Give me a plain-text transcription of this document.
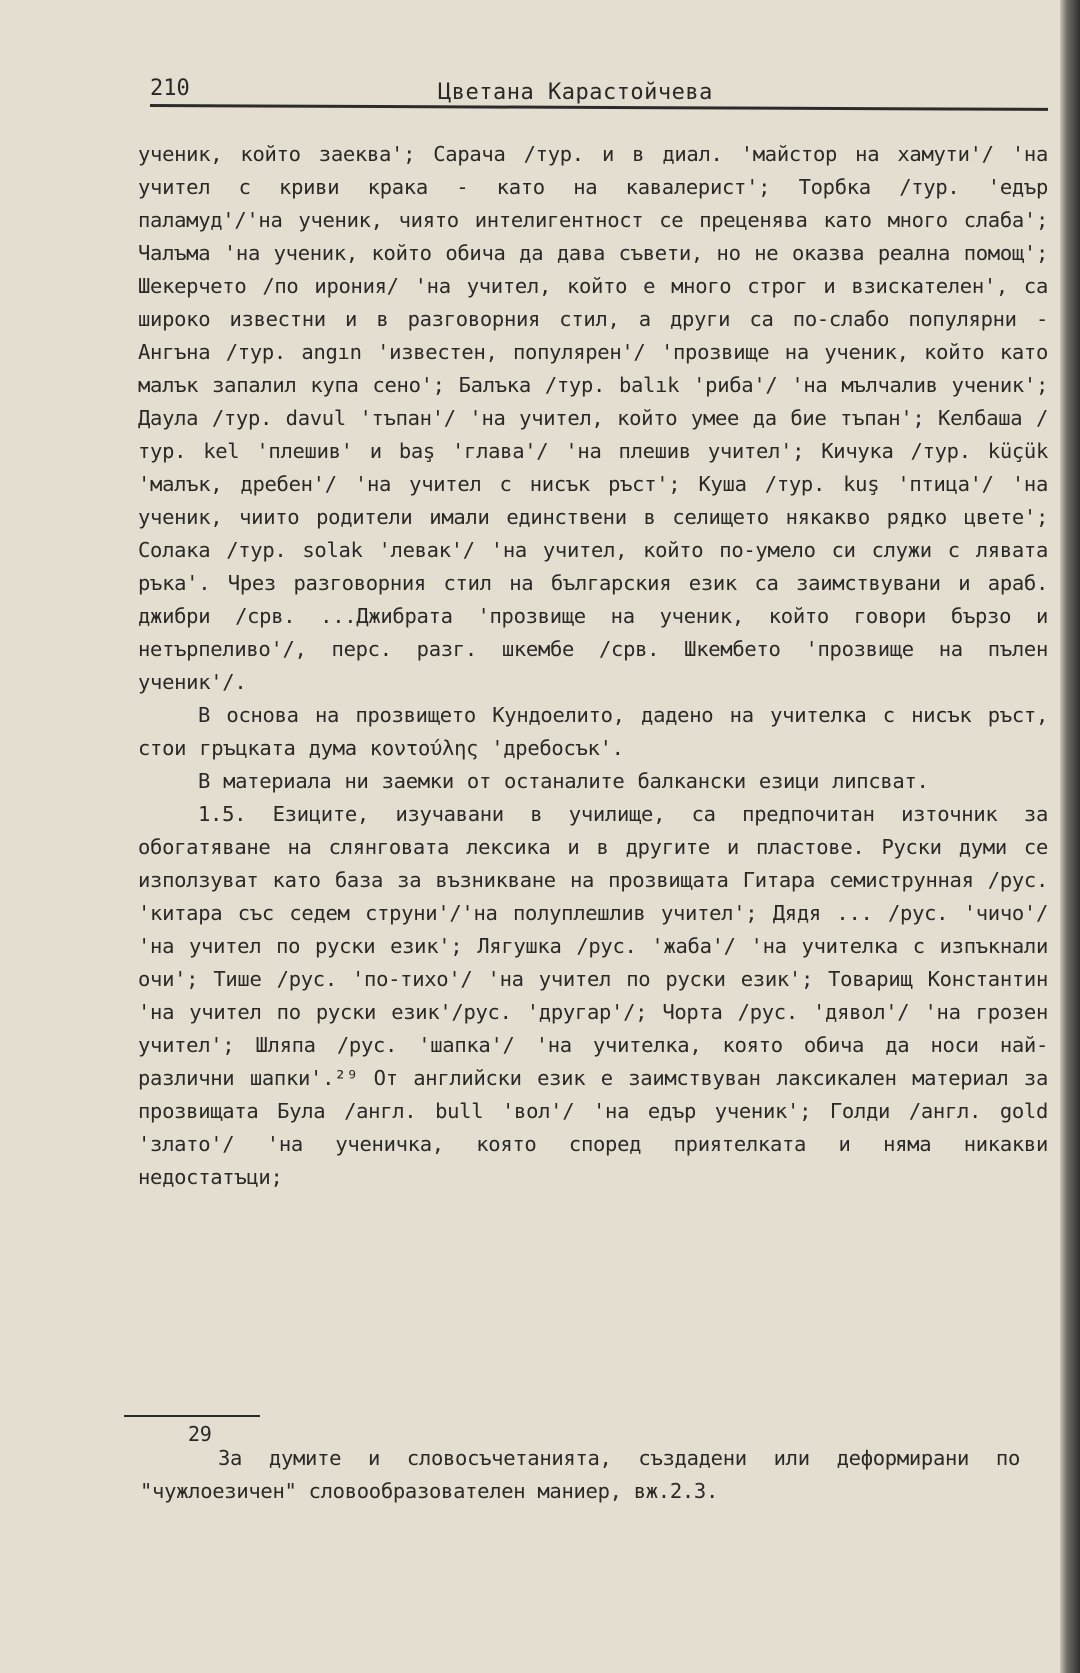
210	Цветана Карастойчева

ученик, който заеква'; Сарача /тур. и в диал. 'майстор на хамути'/ 'на учител с криви крака - като на кавалерист'; Торбка /тур. 'едър паламуд'/'на ученик, чиято интелигентност се преценява като много слаба'; Чалъма 'на ученик, който обича да дава съвети, но не оказва реална помощ'; Шекерчето /по ирония/ 'на учител, който е много строг и взискателен', са широко известни и в разговорния стил, а други са по-слабо популярни - Ангъна /тур. angın 'известен, популярен'/ 'прозвище на ученик, който като малък запалил купа сено'; Балъка /тур. balık 'риба'/ 'на мълчалив ученик'; Даула /тур. davul 'тъпан'/ 'на учител, който умее да бие тъпан'; Келбаша /тур. kel 'плешив' и baş 'глава'/ 'на плешив учител'; Кичука /тур. küçük 'малък, дребен'/ 'на учител с нисък ръст'; Куша /тур. kuş 'птица'/ 'на ученик, чиито родители имали единствени в селището някакво рядко цвете'; Солака /тур. solak 'левак'/ 'на учител, който по-умело си служи с лявата ръка'. Чрез разговорния стил на българския език са заимствувани и араб. джибри /срв. ...Джибрата 'прозвище на ученик, който говори бързо и нетърпеливо'/, перс. разг. шкембе /срв. Шкембето 'прозвище на пълен ученик'/.

В основа на прозвището Кундоелито, дадено на учителка с нисък ръст, стои гръцката дума κοντούλης 'дребосък'.

В материала ни заемки от останалите балкански езици липсват.

1.5. Езиците, изучавани в училище, са предпочитан източник за обогатяване на слянговата лексика и в другите и пластове. Руски думи се използуват като база за възникване на прозвищата Гитара семиструнная /рус. 'китара със седем струни'/'на полуплешлив учител'; Дядя ... /рус. 'чичо'/ 'на учител по руски език'; Лягушка /рус. 'жаба'/ 'на учителка с изпъкнали очи'; Тише /рус. 'по-тихо'/ 'на учител по руски език'; Товарищ Константин 'на учител по руски език'/рус. 'другар'/; Чорта /рус. 'дявол'/ 'на грозен учител'; Шляпа /рус. 'шапка'/ 'на учителка, която обича да носи най-различни шапки'.²⁹ От английски език е заимствуван лаксикален материал за прозвищата Була /англ. bull 'вол'/ 'на едър ученик'; Голди /англ. gold 'злато'/ 'на ученичка, която според приятелката и няма никакви недостатъци;

29

За думите и словосъчетанията, създадени или деформирани по "чужлоезичен" словообразователен маниер, вж.2.3.
